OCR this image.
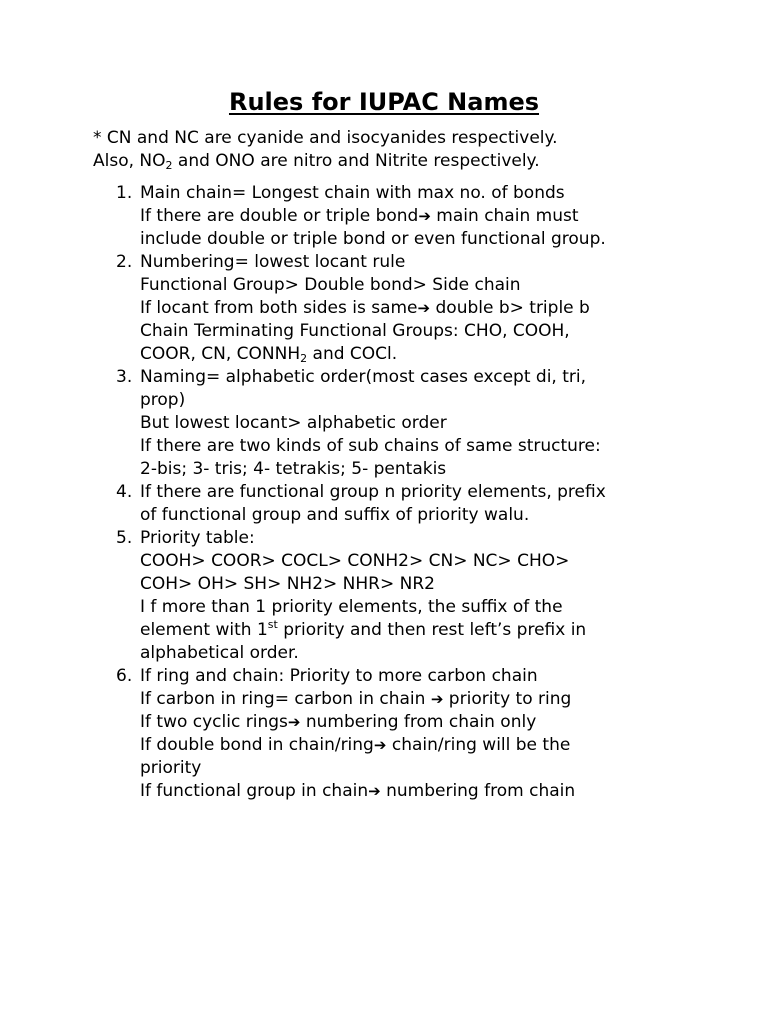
Rules for IUPAC Names
* CN and NC are cyanide and isocyanides respectively.
Also, $NO_2$ and ONO are nitro and Nitrite respectively.
1. Main chain= Longest chain with max no. of bonds
If there are double or triple bond➔ main chain must
include double or triple bond or even functional group.
2. Numbering= lowest locant rule
Functional Group> Double bond> Side chain
If locant from both sides is same➔ double b> triple b
Chain Terminating Functional Groups: CHO, COOH,
COOR, CN, $CONNH_2$ and COCl.
3. Naming= alphabetic order(most cases except di, tri,
prop)
But lowest locant> alphabetic order
If there are two kinds of sub chains of same structure:
2-bis; 3- tris; 4- tetrakis; 5- pentakis
4. If there are functional group n priority elements, prefix
of functional group and suffix of priority walu.
5. Priority table:
COOH> COOR> COCL> CONH2> CN> NC> CHO>
COH> OH> SH> NH2> NHR> NR2
I f more than 1 priority elements, the suffix of the
element with 1st priority and then rest left’s prefix in
alphabetical order.
6. If ring and chain: Priority to more carbon chain
If carbon in ring= carbon in chain ➔ priority to ring
If two cyclic rings➔ numbering from chain only
If double bond in chain/ring➔ chain/ring will be the
priority
If functional group in chain➔ numbering from chain
